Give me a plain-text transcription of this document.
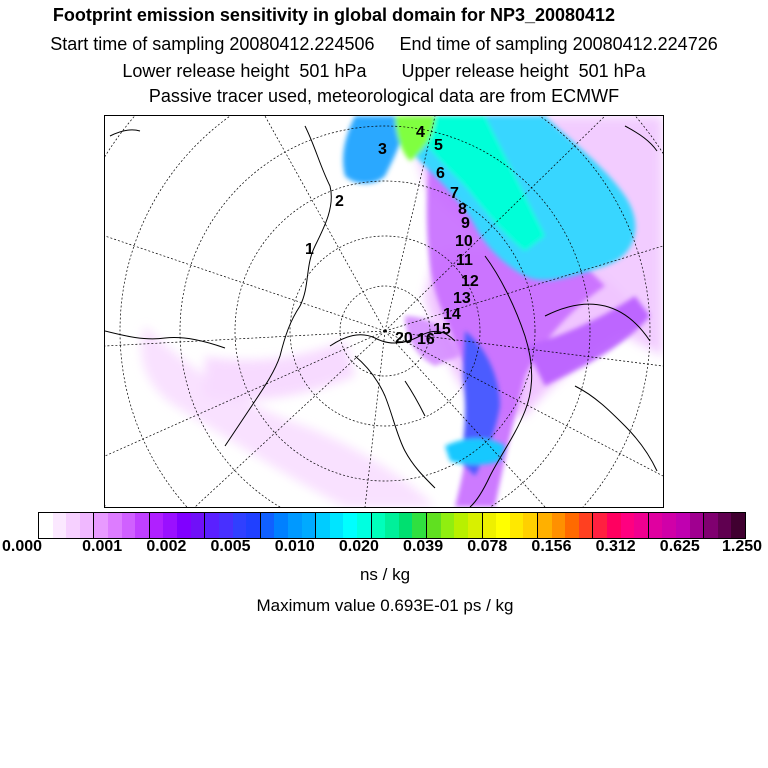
Footprint emission sensitivity in global domain for NP3_20080412
Start time of sampling 20080412.224506     End time of sampling 20080412.224726
Lower release height  501 hPa       Upper release height  501 hPa
Passive tracer used, meteorological data are from ECMWF
1
2
3
4
5
6
7
8
9
10
11
12
13
14
15
16
20
0.000	0.001 0.002 0.005 0.010 0.020 0.039 0.078 0.156 0.312 0.625 1.250
ns / kg
Maximum value 0.693E-01 ps / kg
